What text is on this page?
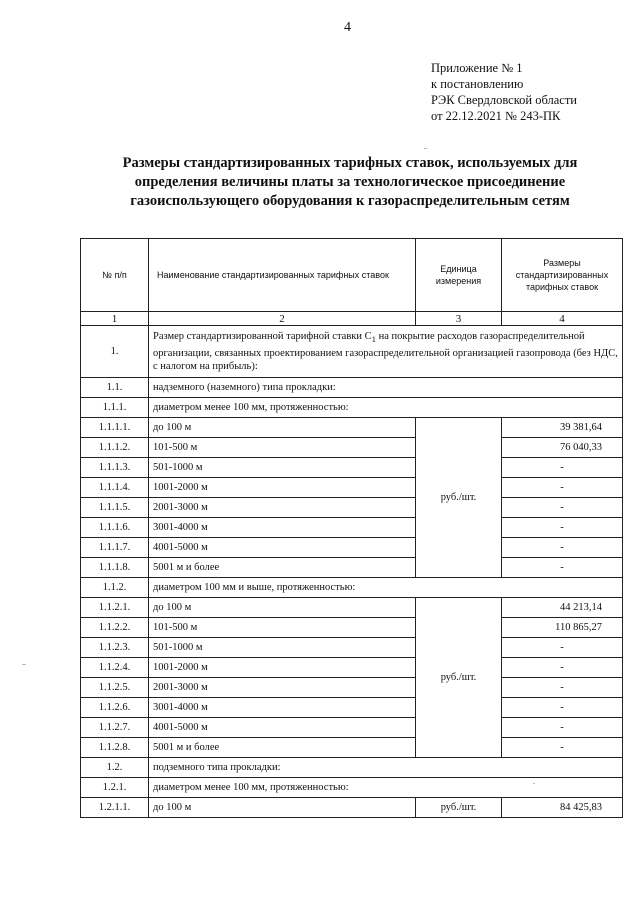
4
Приложение № 1
к постановлению
РЭК Свердловской области
от 22.12.2021 № 243-ПК
Размеры стандартизированных тарифных ставок, используемых для
определения величины платы за технологическое присоединение
газоиспользующего оборудования к газораспределительным сетям
№ п/п	Наименование стандартизированных тарифных ставок	Единица измерения	Размеры стандартизированных тарифных ставок
1	2	3	4
1.	Размер стандартизированной тарифной ставки $С_1$ на покрытие расходов газораспределительной организации, связанных проектированием газораспределительной организацией газопровода (без НДС, с налогом на прибыль):		
1.1.	надземного (наземного) типа прокладки:		
1.1.1.	диаметром менее 100 мм, протяженностью:		
1.1.1.1.	до 100 м	руб./шт.	39 381,64
1.1.1.2.	101-500 м		76 040,33
1.1.1.3.	501-1000 м		-
1.1.1.4.	1001-2000 м		-
1.1.1.5.	2001-3000 м		-
1.1.1.6.	3001-4000 м		-
1.1.1.7.	4001-5000 м		-
1.1.1.8.	5001 м и более		-
1.1.2.	диаметром 100 мм и выше, протяженностью:		
1.1.2.1.	до 100 м	руб./шт.	44 213,14
1.1.2.2.	101-500 м		110 865,27
1.1.2.3.	501-1000 м		-
1.1.2.4.	1001-2000 м		-
1.1.2.5.	2001-3000 м		-
1.1.2.6.	3001-4000 м		-
1.1.2.7.	4001-5000 м		-
1.1.2.8.	5001 м и более		-
1.2.	подземного типа прокладки:		
1.2.1.	диаметром менее 100 мм, протяженностью:		
1.2.1.1.	до 100 м	руб./шт.	84 425,83
